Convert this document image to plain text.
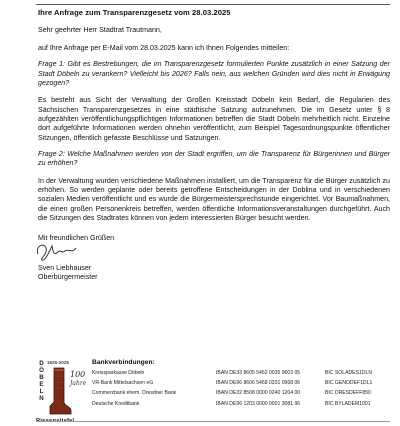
Ihre Anfrage zum Transparenzgesetz vom 28.03.2025
Sehr geehrter Herr Stadtrat Trautmann,
auf Ihre Anfrage per E-Mail vom 28.03.2025 kann ich Ihnen Folgendes mitteilen:
Frage 1: Gibt es Bestrebungen, die im Transparenzgesetz formulierten Punkte zusätzlich in einer Satzung der Stadt Döbeln zu verankern? Vielleicht bis 2026? Falls nein, aus welchen Gründen wird dies nicht in Erwägung gezogen?
Es besteht aus Sicht der Verwaltung der Großen Kreisstadt Döbeln kein Bedarf, die Regularien des Sächsischen Transparenzgesetzes in eine städtische Satzung aufzunehmen. Die im Gesetz unter § 8 aufgezählten veröffentlichungspflichtigen Informationen betreffen die Stadt Döbeln mehrheitlich nicht. Einzelne dort aufgeführte Informationen werden ohnehin veröffentlicht, zum Beispiel Tagesordnungspunkte öffentlicher Sitzungen, öffentlich gefasste Beschlüsse und Satzungen.
Frage 2: Welche Maßnahmen werden von der Stadt ergriffen, um die Transparenz für Bürgerinnen und Bürger zu erhöhen?
In der Verwaltung wurden verschiedene Maßnahmen installiert, um die Transparenz für die Bürger zusätzlich zu erhöhen. So werden geplante oder bereits getroffene Entscheidungen in der Doblina und in verschiedenen sozialen Medien veröffentlicht und es wurde die Bürgermeistersprechstunde eingerichtet. Vor Baumaßnahmen, die einen großen Personenkreis betreffen, werden öffentliche Informationsveranstaltungen durchgeführt. Auch die Sitzungen des Stadtrates können von jedem interessierten Bürger besucht werden.
Mit freundlichen Grüßen
Sven Liebhauser
Oberbürgermeister
D
Ö
B
E
L
N
1925-2025
100
Jahre
Riesenstiefel
Bankverbindungen:
Kreissparkasse Döbeln	IBAN DE33 8605 5462 0035 9603 05	BIC SOLADES1DLN
VR-Bank Mittelsachsen eG	IBAN DE96 8606 5468 0331 0968 06	BIC GENODEF1DL1
Commerzbank ehem. Dresdner Bank	IBAN DE32 8508 0000 0240 1204 00	BIC DRESDEFF850
Deutsche Kreditbank	IBAN DE96 1203 0000 0001 3081 96	BIC BYLADEM1001
